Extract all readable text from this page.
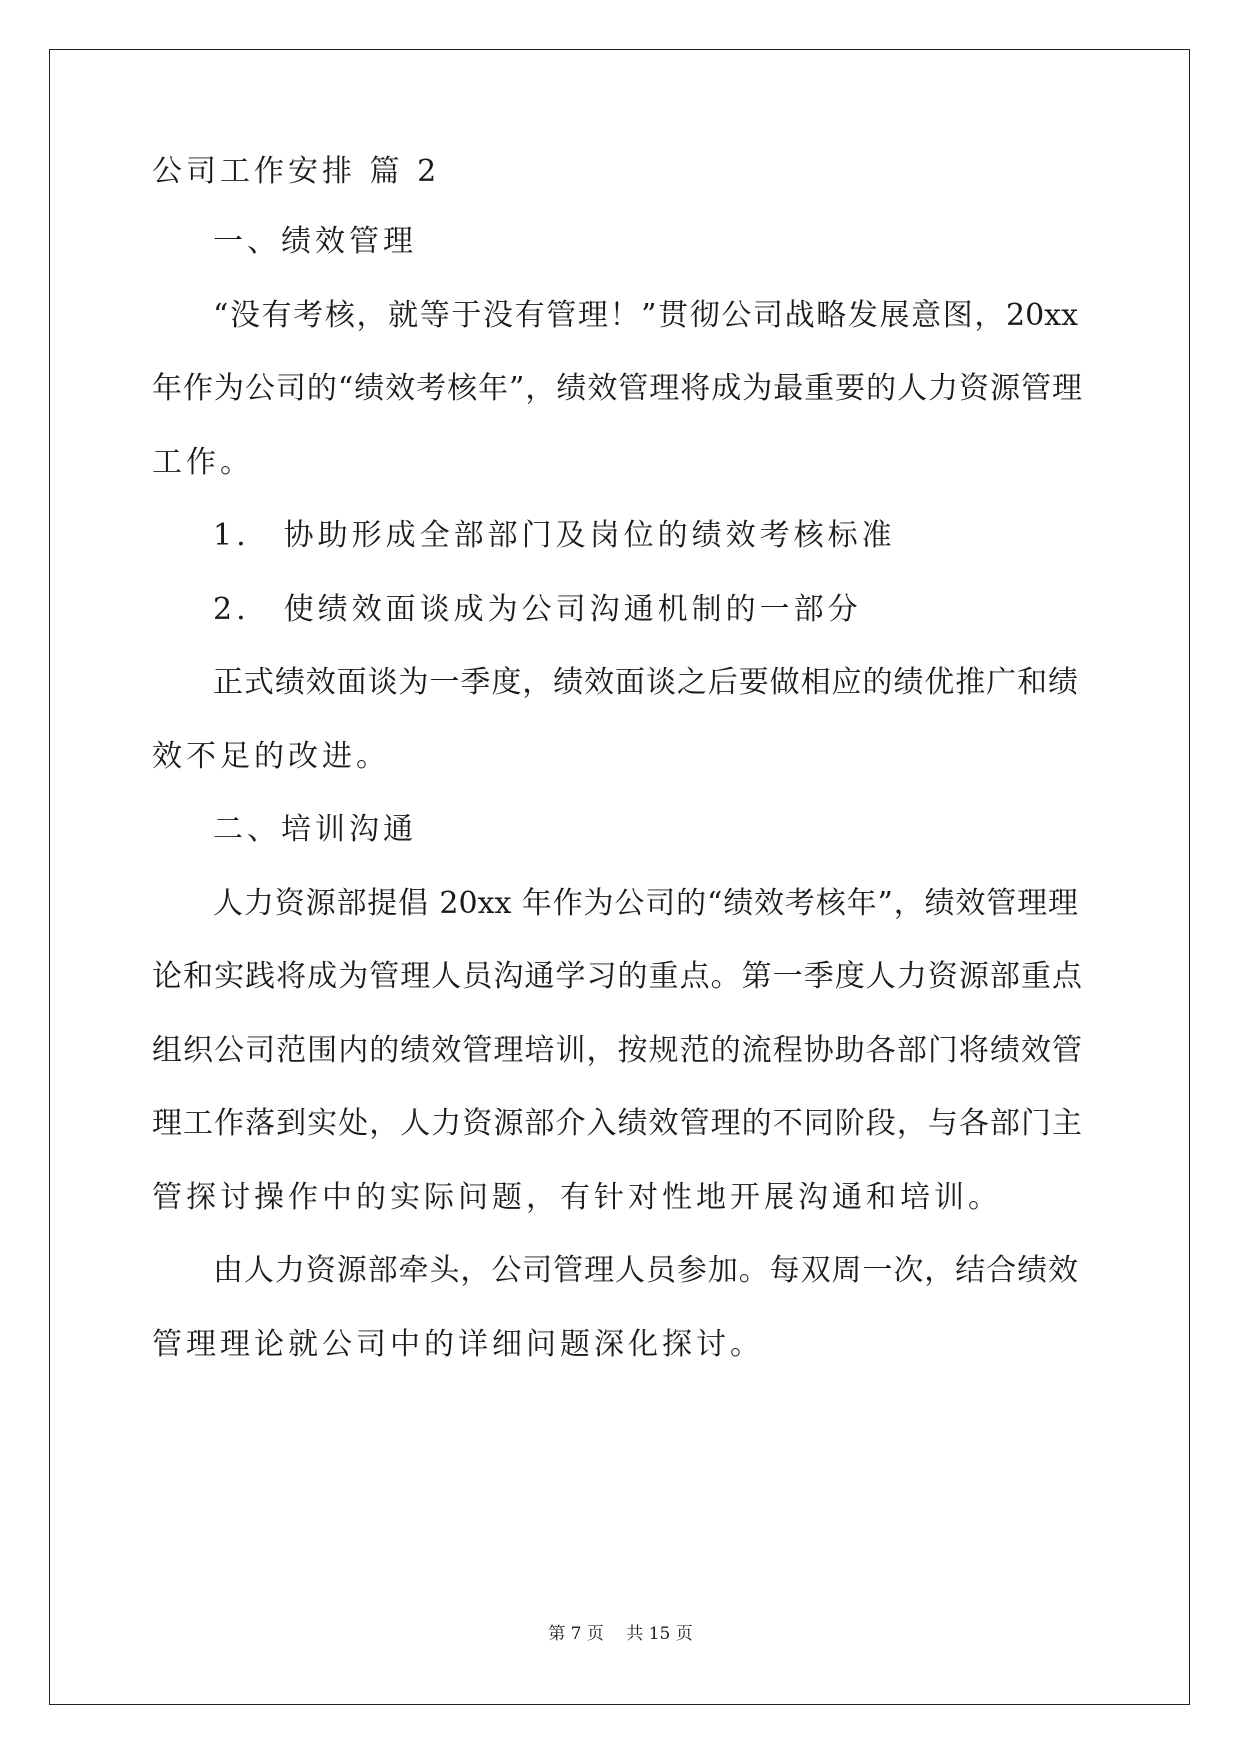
公司工作安排 篇 2
一、绩效管理
“没有考核，就等于没有管理！”贯彻公司战略发展意图，20xx
年作为公司的“绩效考核年”，绩效管理将成为最重要的人力资源管理
工作。
1.　协助形成全部部门及岗位的绩效考核标准
2.　使绩效面谈成为公司沟通机制的一部分
正式绩效面谈为一季度，绩效面谈之后要做相应的绩优推广和绩
效不足的改进。
二、培训沟通
人力资源部提倡 20xx 年作为公司的“绩效考核年”，绩效管理理
论和实践将成为管理人员沟通学习的重点。第一季度人力资源部重点
组织公司范围内的绩效管理培训，按规范的流程协助各部门将绩效管
理工作落到实处，人力资源部介入绩效管理的不同阶段，与各部门主
管探讨操作中的实际问题，有针对性地开展沟通和培训。
由人力资源部牵头，公司管理人员参加。每双周一次，结合绩效
管理理论就公司中的详细问题深化探讨。
第 7 页　 共 15 页
